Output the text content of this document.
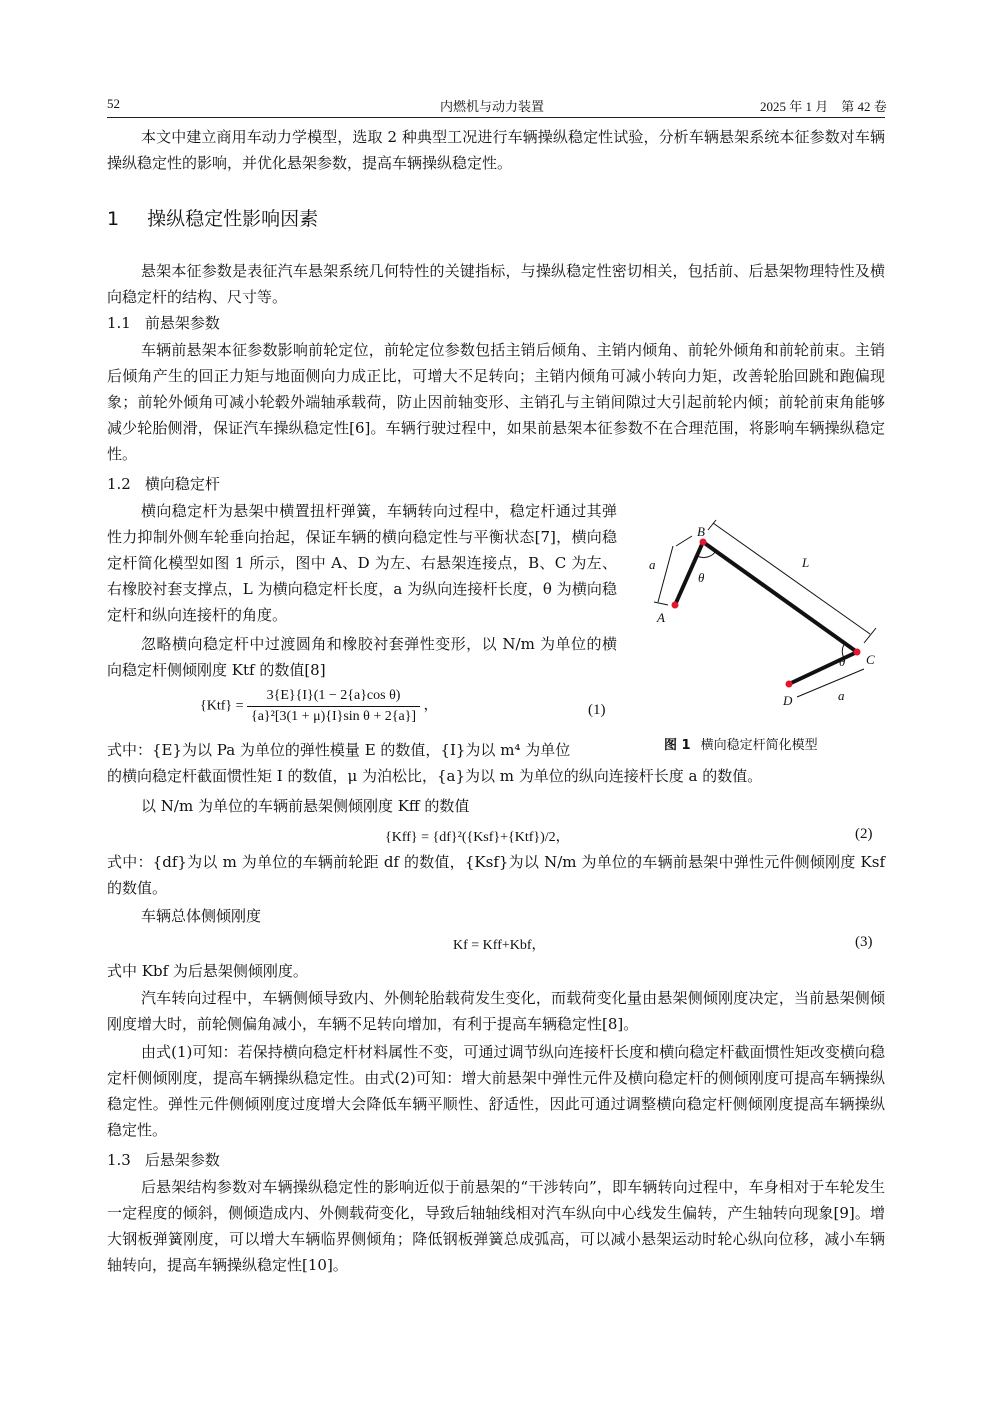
52	内燃机与动力装置	2025 年 1 月　第 42 卷

本文中建立商用车动力学模型，选取 2 种典型工况进行车辆操纵稳定性试验，分析车辆悬架系统本征参数对车辆操纵稳定性的影响，并优化悬架参数，提高车辆操纵稳定性。

1 操纵稳定性影响因素

悬架本征参数是表征汽车悬架系统几何特性的关键指标，与操纵稳定性密切相关，包括前、后悬架物理特性及横向稳定杆的结构、尺寸等。

1.1 前悬架参数

车辆前悬架本征参数影响前轮定位，前轮定位参数包括主销后倾角、主销内倾角、前轮外倾角和前轮前束。主销后倾角产生的回正力矩与地面侧向力成正比，可增大不足转向；主销内倾角可减小转向力矩，改善轮胎回跳和跑偏现象；前轮外倾角可减小轮毂外端轴承载荷，防止因前轴变形、主销孔与主销间隙过大引起前轮内倾；前轮前束角能够减少轮胎侧滑，保证汽车操纵稳定性[6]。车辆行驶过程中，如果前悬架本征参数不在合理范围，将影响车辆操纵稳定性。

1.2 横向稳定杆

横向稳定杆为悬架中横置扭杆弹簧，车辆转向过程中，稳定杆通过其弹性力抑制外侧车轮垂向抬起，保证车辆的横向稳定性与平衡状态[7]，横向稳定杆简化模型如图 1 所示，图中 A、D 为左、右悬架连接点，B、C 为左、右橡胶衬套支撑点，L 为横向稳定杆长度，a 为纵向连接杆长度，θ 为横向稳定杆和纵向连接杆的角度。

忽略横向稳定杆中过渡圆角和橡胶衬套弹性变形，以 N/m 为单位的横向稳定杆侧倾刚度 Ktf 的数值[8]

$\{Ktf\} = \frac{\text{3\{E\}\{I\}(1 − 2\{a\}cos θ)}}{\text{\{a\}²[3(1 + μ)\{I\}sin θ + 2\{a\}]}}$ ，	(1)

式中：{E}为以 Pa 为单位的弹性模量 E 的数值，{I}为以 m⁴ 为单位

的横向稳定杆截面惯性矩 I 的数值，μ 为泊松比，{a}为以 m 为单位的纵向连接杆长度 a 的数值。

以 N/m 为单位的车辆前悬架侧倾刚度 Kff 的数值

{Kff} = {df}²({Ksf}+{Ktf})/2，	(2)

式中：{df}为以 m 为单位的车辆前轮距 df 的数值，{Ksf}为以 N/m 为单位的车辆前悬架中弹性元件侧倾刚度 Ksf 的数值。

车辆总体侧倾刚度

Kf = Kff+Kbf，	(3)

式中 Kbf 为后悬架侧倾刚度。

汽车转向过程中，车辆侧倾导致内、外侧轮胎载荷发生变化，而载荷变化量由悬架侧倾刚度决定，当前悬架侧倾刚度增大时，前轮侧偏角减小，车辆不足转向增加，有利于提高车辆稳定性[8]。

由式(1)可知：若保持横向稳定杆材料属性不变，可通过调节纵向连接杆长度和横向稳定杆截面惯性矩改变横向稳定杆侧倾刚度，提高车辆操纵稳定性。由式(2)可知：增大前悬架中弹性元件及横向稳定杆的侧倾刚度可提高车辆操纵稳定性。弹性元件侧倾刚度过度增大会降低车辆平顺性、舒适性，因此可通过调整横向稳定杆侧倾刚度提高车辆操纵稳定性。

1.3 后悬架参数

后悬架结构参数对车辆操纵稳定性的影响近似于前悬架的“干涉转向”，即车辆转向过程中，车身相对于车轮发生一定程度的倾斜，侧倾造成内、外侧载荷变化，导致后轴轴线相对汽车纵向中心线发生偏转，产生轴转向现象[9]。增大钢板弹簧刚度，可以增大车辆临界侧倾角；降低钢板弹簧总成弧高，可以减小悬架运动时轮心纵向位移，减小车辆轴转向，提高车辆操纵稳定性[10]。

A
B
C
D
a
a
L
θ
θ
图 1 横向稳定杆简化模型
